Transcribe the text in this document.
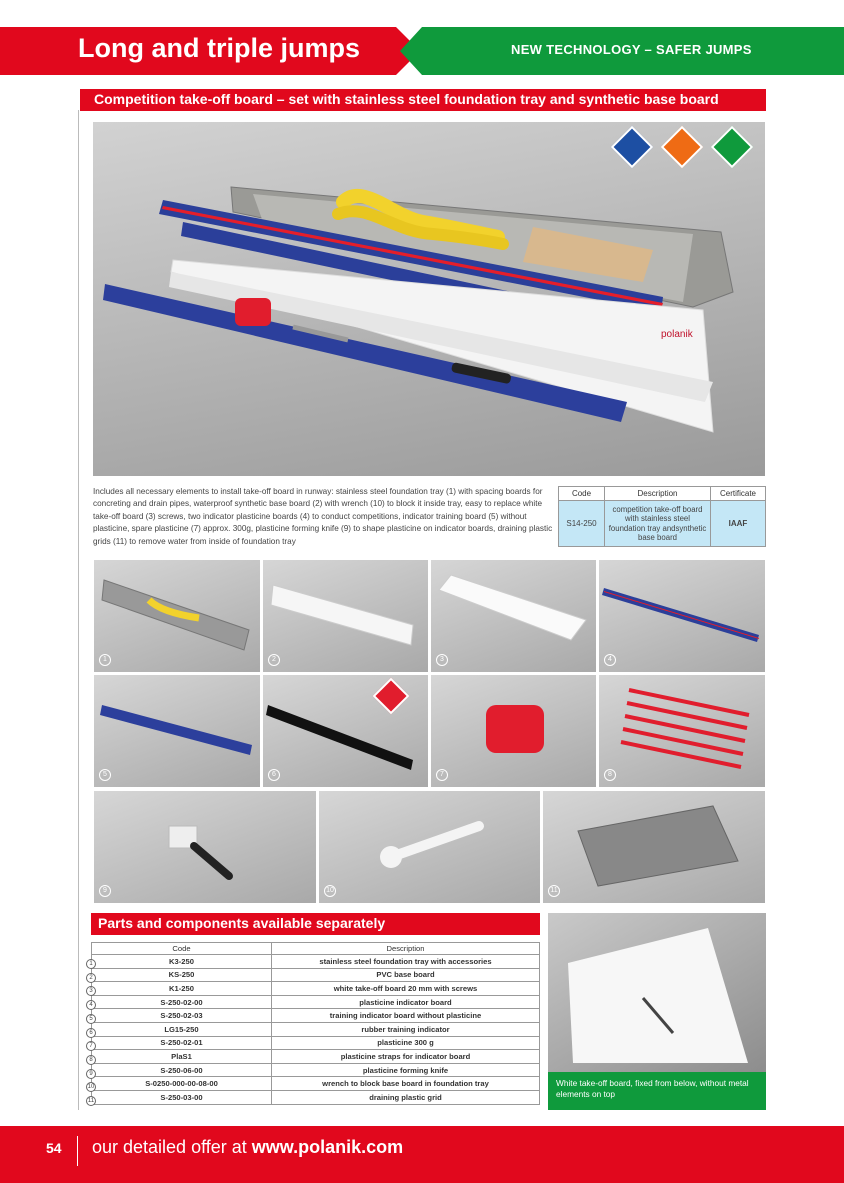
Long and triple jumps	NEW TECHNOLOGY – SAFER JUMPS
Competition take-off board – set with stainless steel foundation tray and synthetic base board
polanik
Includes all necessary elements to install take-off board in runway: stainless steel foundation tray (1) with spacing boards for concreting and drain pipes, waterproof synthetic base board (2) with wrench (10) to block it inside tray, easy to replace white take-off board (3) screws, two indicator plasticine boards (4) to conduct competitions, indicator training board (5) without plasticine, spare plasticine (7) approx. 300g, plasticine forming knife (9) to shape plasticine on indicator boards, draining plastic grids (11) to remove water from inside of foundation tray
Code	Description	Certificate
S14-250	competition take-off board with stainless steel foundation tray andsynthetic base board	IAAF
1	2	3	4
5	6	7	8
9	10	11
Parts and components available separately
Code	Description
K3-250	stainless steel foundation tray with accessories
KS-250	PVC base board
K1-250	white take-off board 20 mm with screws
S-250-02-00	plasticine indicator board
S-250-02-03	training indicator board without plasticine
LG15-250	rubber training indicator
S-250-02-01	plasticine 300 g
PlaS1	plasticine straps for indicator board
S-250-06-00	plasticine forming knife
S-0250-000-00-08-00	wrench to block base board in foundation tray
S-250-03-00	draining plastic grid
1
2
3
4
5
6
7
8
9
10
11
White take-off board, fixed from below, without metal elements on top
54 our detailed offer at www.polanik.com
